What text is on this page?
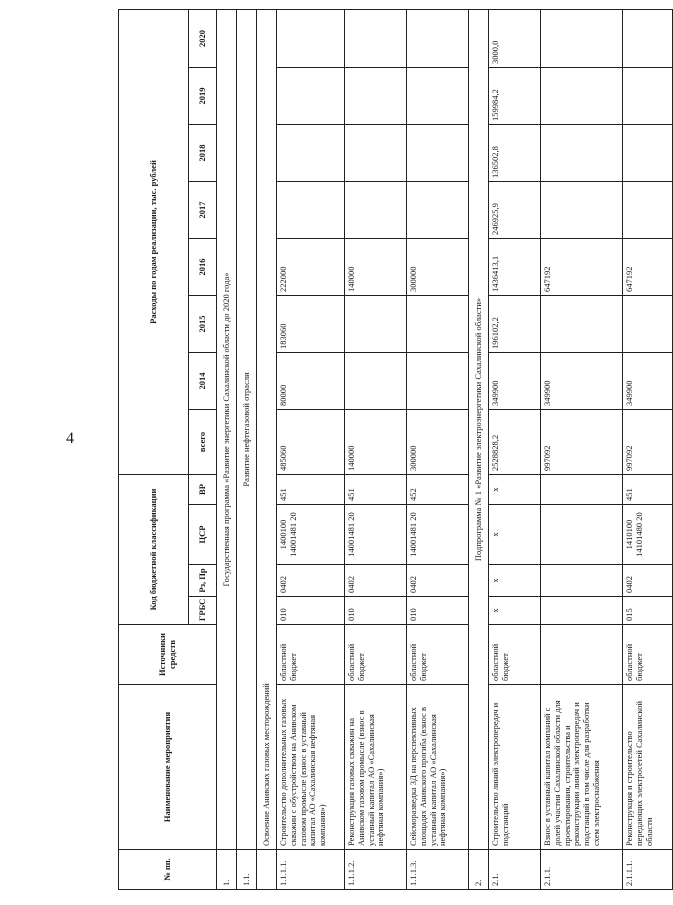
4
№ пп.	Наименование мероприятия	Источники средств	Код бюджетной классификации				Расходы по годам реализации, тыс. рублей							
			ГРБС	Рз, Пр	ЦСР	ВР	всего	2014	2015	2016	2017	2018	2019	2020
1.	Государственная программа «Развитие энергетики Сахалинской области до 2020 года»													
1.1.	Развитие нефтегазовой отрасли													
	Освоение Анивских газовых месторождений													
1.1.1.1.	Строительство дополнительных газовых скважин с обустройством на Анивском газовом промысле (взнос в уставный капитал АО «Сахалинская нефтяная компания»)	областной бюджет	010	0402	1400100 14001481 20	451	485060	80000	183060	222000				
1.1.1.2.	Реконструкция газовых скважин на Анивском газовом промысле (взнос в уставный капитал АО «Сахалинская нефтяная компания»)	областной бюджет	010	0402	14001481 20	451	140000			140000				
1.1.1.3.	Сейсморазведка 3Д на перспективных площадях Анивского прогиба (взнос в уставный капитал АО «Сахалинская нефтяная компания»)	областной бюджет	010	0402	14001481 20	452	300000			300000				
2.	Подпрограмма № 1 «Развитие электроэнергетики Сахалинской области»													
2.1.	Строительство линий электропередач и подстанций	областной бюджет	х	х	х	х	2528828,2	349900	196102,2	1436413,1	246925,9	136502,8	159984,2	3000,0
2.1.1.	Взнос в уставный капитал компаний с долей участия Сахалинской области для проектирования, строительства и реконструкции линий электропередач и подстанций в том числе для разработки схем электроснабжения						997092	349900		647192				
2.1.1.1.	Реконструкция и строительство передающих электросетей Сахалинской области	областной бюджет	015	0402	1410100 14101480 20	451	997092	349900		647192				
